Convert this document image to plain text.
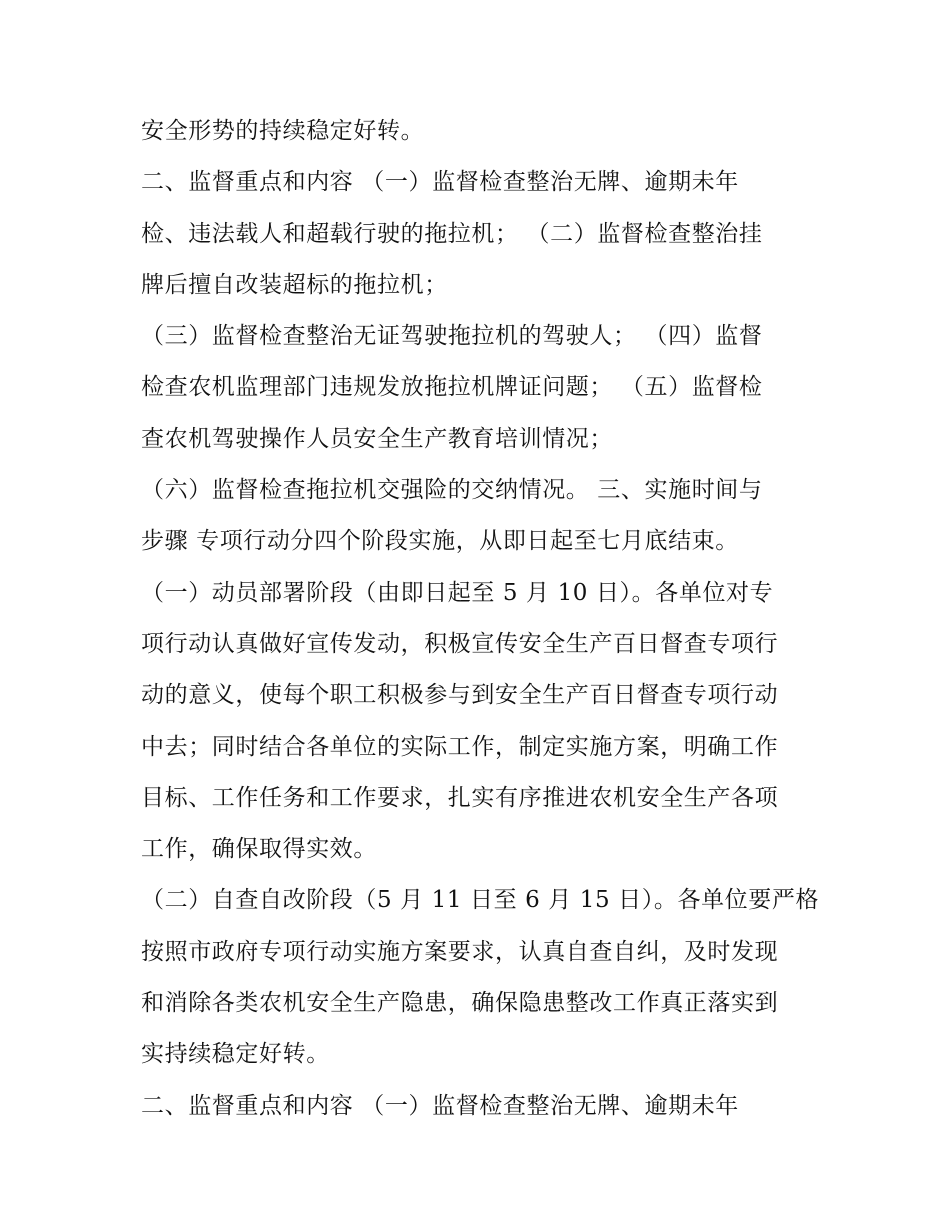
安全形势的持续稳定好转。
二、监督重点和内容 （一）监督检查整治无牌、逾期未年
检、违法载人和超载行驶的拖拉机； （二）监督检查整治挂
牌后擅自改装超标的拖拉机；
（三）监督检查整治无证驾驶拖拉机的驾驶人； （四）监督
检查农机监理部门违规发放拖拉机牌证问题； （五）监督检
查农机驾驶操作人员安全生产教育培训情况；
（六）监督检查拖拉机交强险的交纳情况。 三、实施时间与
步骤 专项行动分四个阶段实施，从即日起至七月底结束。
（一）动员部署阶段（由即日起至 5 月 10 日）。各单位对专
项行动认真做好宣传发动，积极宣传安全生产百日督查专项行
动的意义，使每个职工积极参与到安全生产百日督查专项行动
中去；同时结合各单位的实际工作，制定实施方案，明确工作
目标、工作任务和工作要求，扎实有序推进农机安全生产各项
工作，确保取得实效。
（二）自查自改阶段（5 月 11 日至 6 月 15 日）。各单位要严格
按照市政府专项行动实施方案要求，认真自查自纠，及时发现
和消除各类农机安全生产隐患，确保隐患整改工作真正落实到
实持续稳定好转。
二、监督重点和内容 （一）监督检查整治无牌、逾期未年
